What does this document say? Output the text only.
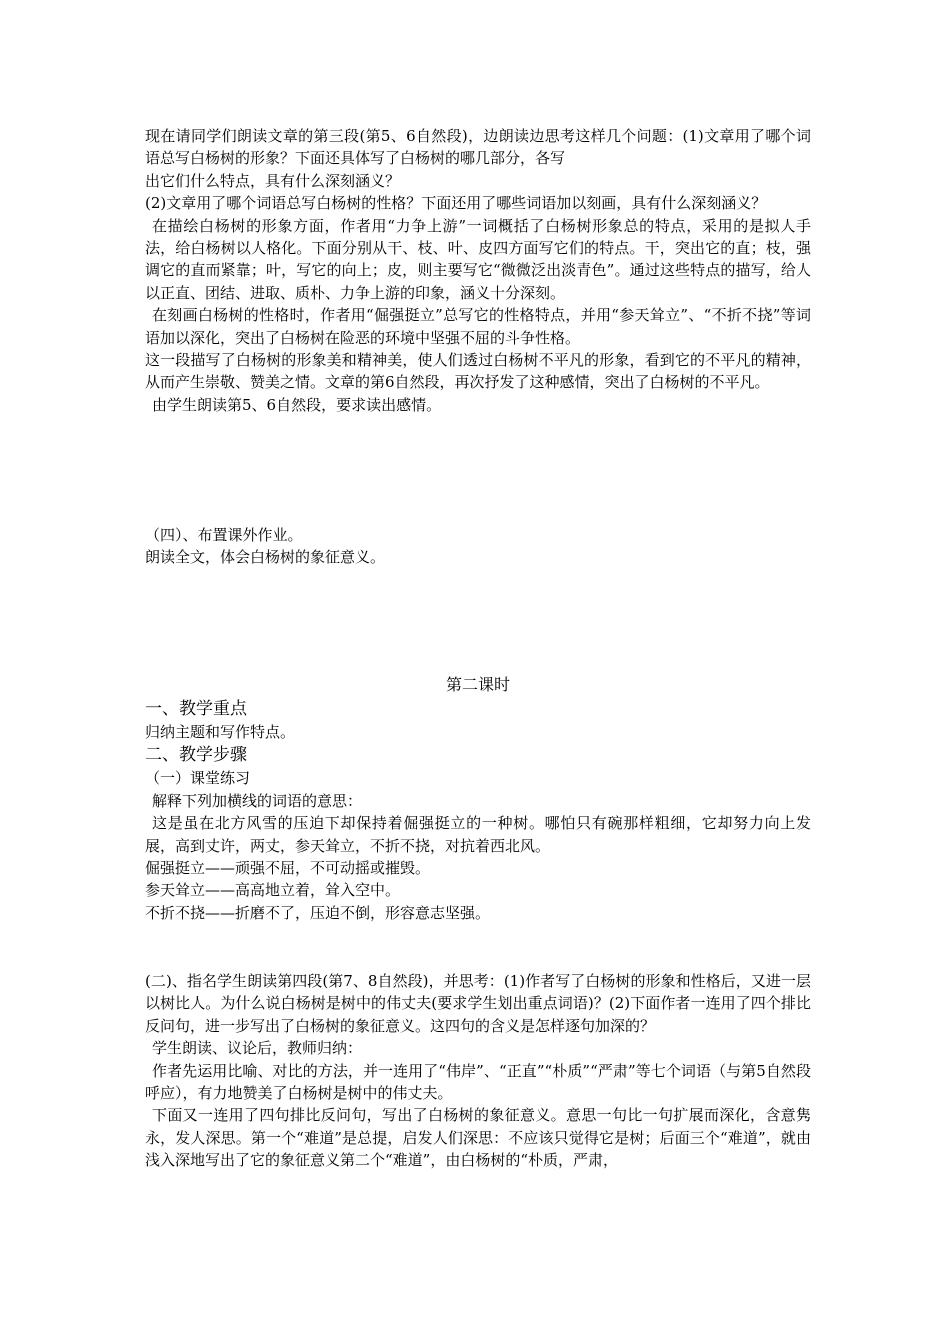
现在请同学们朗读文章的第三段(第5、6自然段)，边朗读边思考这样几个问题：(1)文章用了哪个词语总写白杨树的形象？下面还具体写了白杨树的哪几部分，各写

出它们什么特点，具有什么深刻涵义？

(2)文章用了哪个词语总写白杨树的性格？下面还用了哪些词语加以刻画，具有什么深刻涵义？

在描绘白杨树的形象方面，作者用“力争上游”一词概括了白杨树形象总的特点，采用的是拟人手法，给白杨树以人格化。下面分别从干、枝、叶、皮四方面写它们的特点。干，突出它的直；枝，强调它的直而紧靠；叶，写它的向上；皮，则主要写它“微微泛出淡青色”。通过这些特点的描写，给人以正直、团结、进取、质朴、力争上游的印象，涵义十分深刻。

在刻画白杨树的性格时，作者用“倔强挺立”总写它的性格特点，并用“参天耸立”、“不折不挠”等词语加以深化，突出了白杨树在险恶的环境中坚强不屈的斗争性格。

这一段描写了白杨树的形象美和精神美，使人们透过白杨树不平凡的形象，看到它的不平凡的精神，从而产生崇敬、赞美之情。文章的第6自然段，再次抒发了这种感情，突出了白杨树的不平凡。

由学生朗读第5、6自然段，要求读出感情。

（四）、布置课外作业。

朗读全文，体会白杨树的象征意义。

第二课时

一、教学重点

归纳主题和写作特点。

二、教学步骤

（一）课堂练习

解释下列加横线的词语的意思：

这是虽在北方风雪的压迫下却保持着倔强挺立的一种树。哪怕只有碗那样粗细，它却努力向上发展，高到丈许，两丈，参天耸立，不折不挠，对抗着西北风。

倔强挺立——顽强不屈，不可动摇或摧毁。

参天耸立——高高地立着，耸入空中。

不折不挠——折磨不了，压迫不倒，形容意志坚强。

(二)、指名学生朗读第四段(第7、8自然段)，并思考：(1)作者写了白杨树的形象和性格后，又进一层以树比人。为什么说白杨树是树中的伟丈夫(要求学生划出重点词语)？(2)下面作者一连用了四个排比反问句，进一步写出了白杨树的象征意义。这四句的含义是怎样逐句加深的？

学生朗读、议论后，教师归纳：

作者先运用比喻、对比的方法，并一连用了“伟岸”、“正直”“朴质”“严肃”等七个词语（与第5自然段呼应），有力地赞美了白杨树是树中的伟丈夫。

下面又一连用了四句排比反问句，写出了白杨树的象征意义。意思一句比一句扩展而深化，含意隽永，发人深思。第一个“难道”是总提，启发人们深思：不应该只觉得它是树；后面三个“难道”，就由浅入深地写出了它的象征意义第二个“难道”，由白杨树的“朴质，严肃，
